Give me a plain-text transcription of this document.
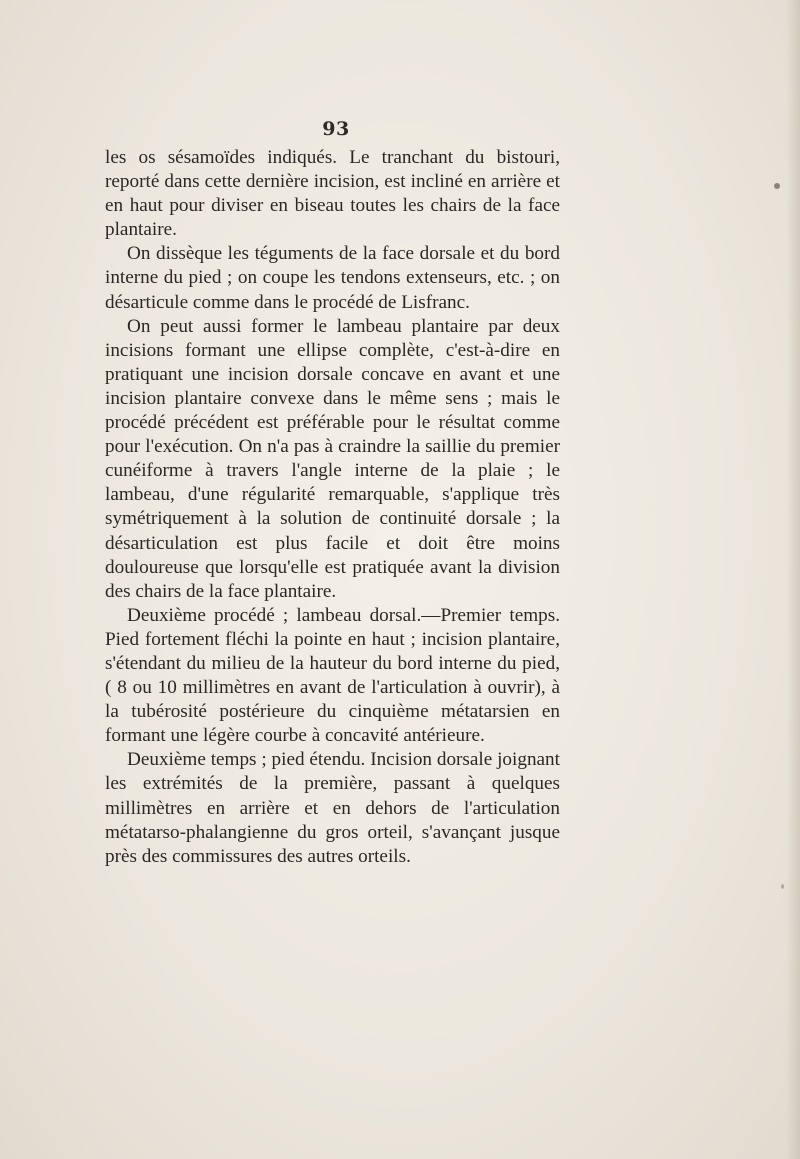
93

les os sésamoïdes indiqués. Le tranchant du bistouri, reporté dans cette dernière incision, est incliné en arrière et en haut pour diviser en biseau toutes les chairs de la face plantaire.

On dissèque les téguments de la face dorsale et du bord interne du pied ; on coupe les tendons extenseurs, etc. ; on désarticule comme dans le procédé de Lisfranc.

On peut aussi former le lambeau plantaire par deux incisions formant une ellipse complète, c'est-à-dire en pratiquant une incision dorsale concave en avant et une incision plantaire convexe dans le même sens ; mais le procédé précédent est préférable pour le résultat comme pour l'exécution. On n'a pas à craindre la saillie du premier cunéiforme à travers l'angle interne de la plaie ; le lambeau, d'une régularité remarquable, s'applique très symétriquement à la solution de continuité dorsale ; la désarticulation est plus facile et doit être moins douloureuse que lorsqu'elle est pratiquée avant la division des chairs de la face plantaire.

Deuxième procédé ; lambeau dorsal.—Premier temps. Pied fortement fléchi la pointe en haut ; incision plantaire, s'étendant du milieu de la hauteur du bord interne du pied, ( 8 ou 10 millimètres en avant de l'articulation à ouvrir), à la tubérosité postérieure du cinquième métatarsien en formant une légère courbe à concavité antérieure.

Deuxième temps ; pied étendu. Incision dorsale joignant les extrémités de la première, passant à quelques millimètres en arrière et en dehors de l'articulation métatarso-phalangienne du gros orteil, s'avançant jusque près des commissures des autres orteils.
